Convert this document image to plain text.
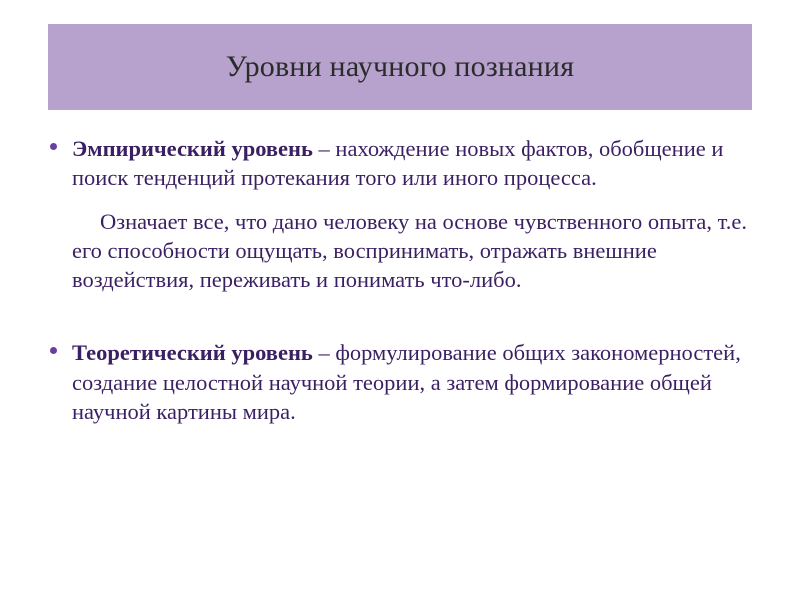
Уровни научного познания

Эмпирический уровень – нахождение новых фактов, обобщение и поиск тенденций протекания того или иного процесса.

Означает все, что дано человеку на основе чувственного опыта, т.е. его способности ощущать, воспринимать, отражать внешние воздействия, переживать и понимать что-либо.

Теоретический уровень – формулирование общих закономерностей, создание целостной научной теории, а затем формирование общей научной картины мира.
